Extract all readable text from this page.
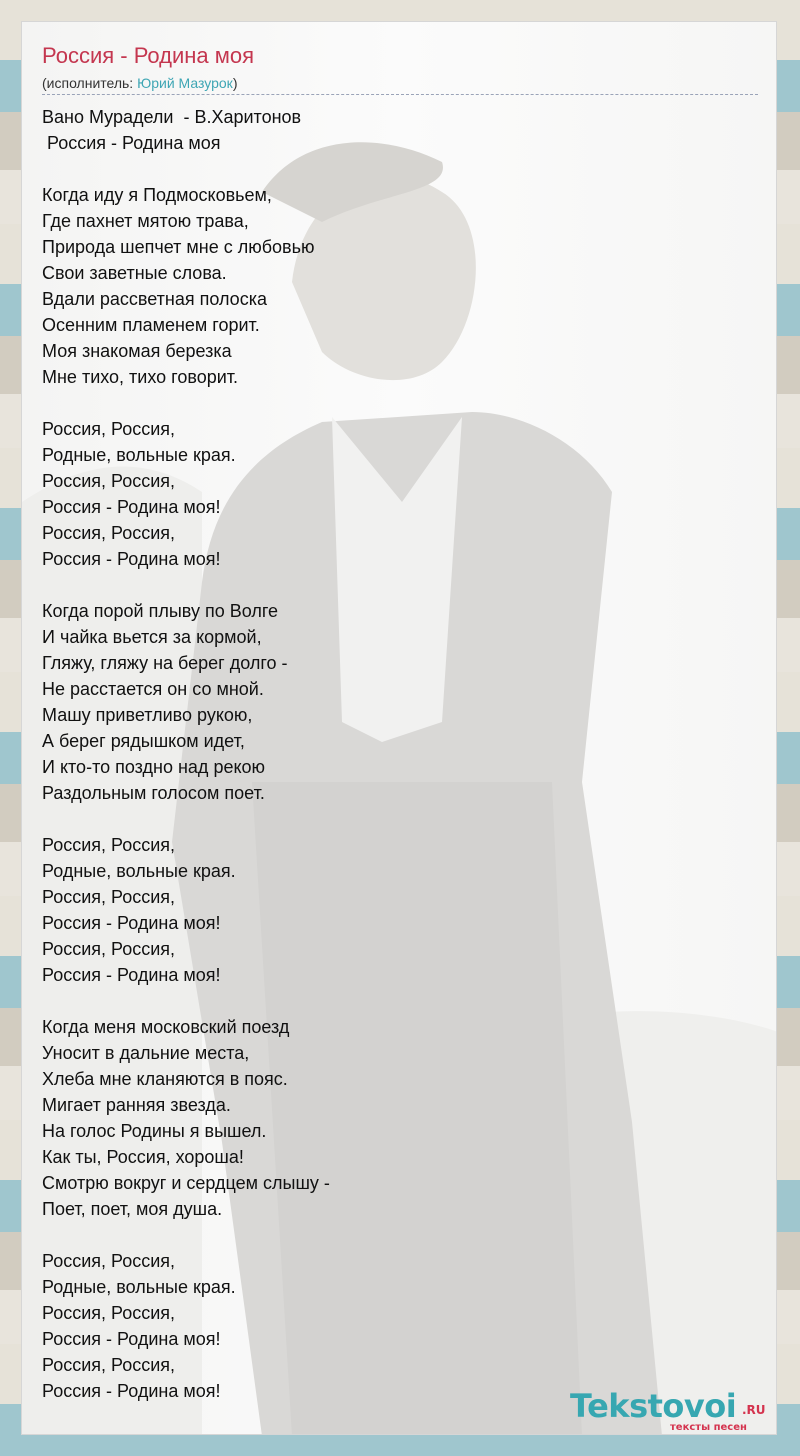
Россия - Родина моя
(исполнитель: Юрий Мазурок)
Вано Мурадели  - В.Харитонов
Россия - Родина моя
Когда иду я Подмосковьем,
Где пахнет мятою трава,
Природа шепчет мне с любовью
Свои заветные слова.
Вдали рассветная полоска
Осенним пламенем горит.
Моя знакомая березка
Мне тихо, тихо говорит.
Россия, Россия,
Родные, вольные края.
Россия, Россия,
Россия - Родина моя!
Россия, Россия,
Россия - Родина моя!
Когда порой плыву по Волге
И чайка вьется за кормой,
Гляжу, гляжу на берег долго -
Не расстается он со мной.
Машу приветливо рукою,
А берег рядышком идет,
И кто-то поздно над рекою
Раздольным голосом поет.
Россия, Россия,
Родные, вольные края.
Россия, Россия,
Россия - Родина моя!
Россия, Россия,
Россия - Родина моя!
Когда меня московский поезд
Уносит в дальние места,
Хлеба мне кланяются в пояс.
Мигает ранняя звезда.
На голос Родины я вышел.
Как ты, Россия, хороша!
Смотрю вокруг и сердцем слышу -
Поет, поет, моя душа.
Россия, Россия,
Родные, вольные края.
Россия, Россия,
Россия - Родина моя!
Россия, Россия,
Россия - Родина моя!	Tekstovoi .RU
тексты песен
